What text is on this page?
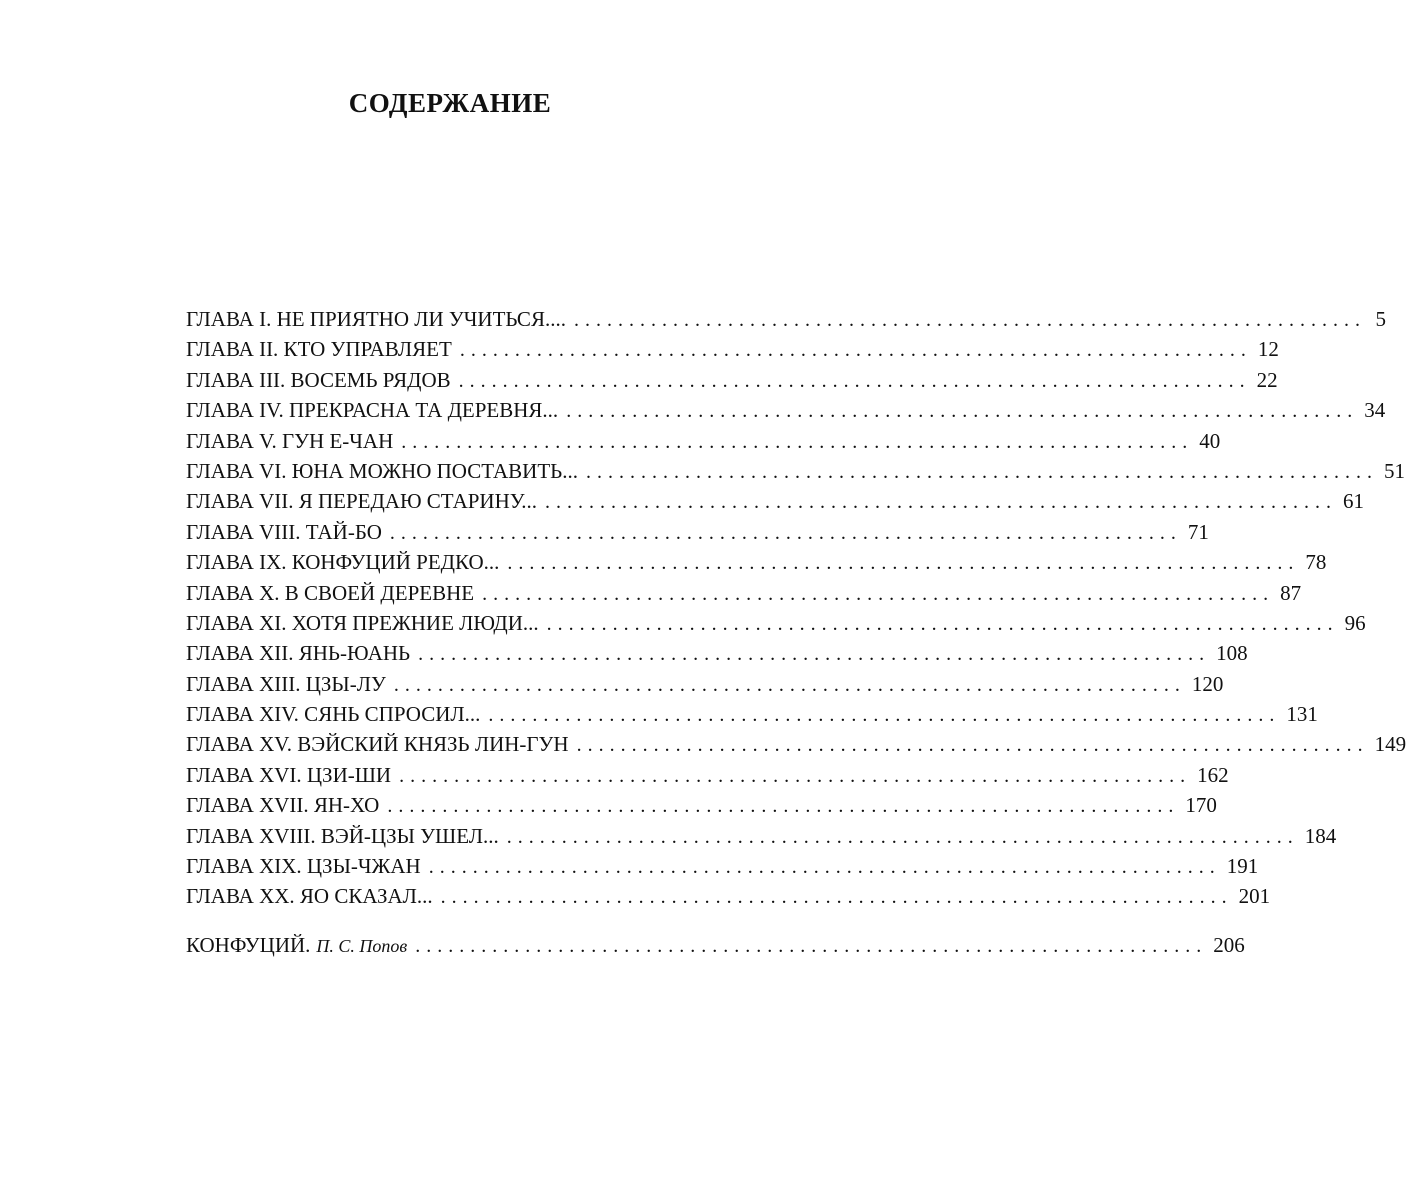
СОДЕРЖАНИЕ
ГЛАВА I. НЕ ПРИЯТНО ЛИ УЧИТЬСЯ.... ........................................................................ 5
ГЛАВА II. КТО УПРАВЛЯЕТ ........................................................................ 12
ГЛАВА III. ВОСЕМЬ РЯДОВ ........................................................................ 22
ГЛАВА IV. ПРЕКРАСНА ТА ДЕРЕВНЯ... ........................................................................ 34
ГЛАВА V. ГУН Е-ЧАН ........................................................................ 40
ГЛАВА VI. ЮНА МОЖНО ПОСТАВИТЬ... ........................................................................ 51
ГЛАВА VII. Я ПЕРЕДАЮ СТАРИНУ... ........................................................................ 61
ГЛАВА VIII. ТАЙ-БО ........................................................................ 71
ГЛАВА IX. КОНФУЦИЙ РЕДКО... ........................................................................ 78
ГЛАВА X. В СВОЕЙ ДЕРЕВНЕ ........................................................................ 87
ГЛАВА XI. ХОТЯ ПРЕЖНИЕ ЛЮДИ... ........................................................................ 96
ГЛАВА XII. ЯНЬ-ЮАНЬ ........................................................................ 108
ГЛАВА XIII. ЦЗЫ-ЛУ ........................................................................ 120
ГЛАВА XIV. СЯНЬ СПРОСИЛ... ........................................................................ 131
ГЛАВА XV. ВЭЙСКИЙ КНЯЗЬ ЛИН-ГУН ........................................................................ 149
ГЛАВА XVI. ЦЗИ-ШИ ........................................................................ 162
ГЛАВА XVII. ЯН-ХО ........................................................................ 170
ГЛАВА XVIII. ВЭЙ-ЦЗЫ УШЕЛ... ........................................................................ 184
ГЛАВА XIX. ЦЗЫ-ЧЖАН ........................................................................ 191
ГЛАВА XX. ЯО СКАЗАЛ... ........................................................................ 201
КОНФУЦИЙ. П. С. Попов ........................................................................ 206
